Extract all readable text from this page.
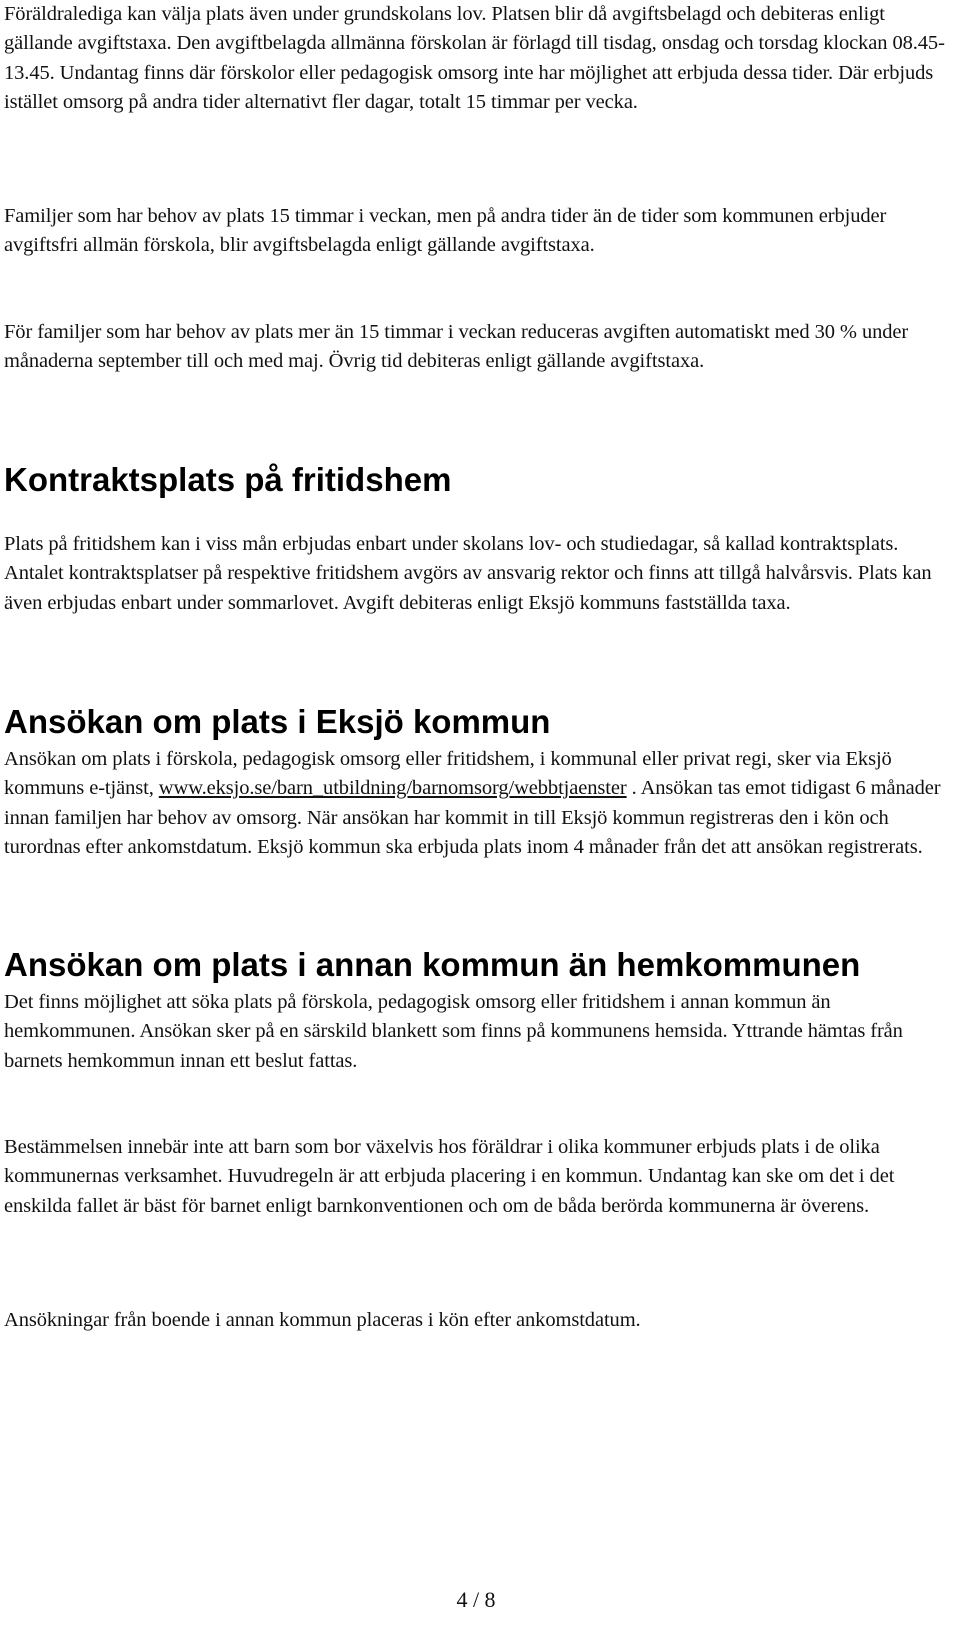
Föräldralediga kan välja plats även under grundskolans lov. Platsen blir då avgiftsbelagd och debiteras enligt gällande avgiftstaxa. Den avgiftbelagda allmänna förskolan är förlagd till tisdag, onsdag och torsdag klockan 08.45-13.45. Undantag finns där förskolor eller pedagogisk omsorg inte har möjlighet att erbjuda dessa tider. Där erbjuds istället omsorg på andra tider alternativt fler dagar, totalt 15 timmar per vecka.

Familjer som har behov av plats 15 timmar i veckan, men på andra tider än de tider som kommunen erbjuder avgiftsfri allmän förskola, blir avgiftsbelagda enligt gällande avgiftstaxa.

För familjer som har behov av plats mer än 15 timmar i veckan reduceras avgiften automatiskt med 30 % under månaderna september till och med maj. Övrig tid debiteras enligt gällande avgiftstaxa.

Kontraktsplats på fritidshem

Plats på fritidshem kan i viss mån erbjudas enbart under skolans lov- och studiedagar, så kallad kontraktsplats. Antalet kontraktsplatser på respektive fritidshem avgörs av ansvarig rektor och finns att tillgå halvårsvis. Plats kan även erbjudas enbart under sommarlovet. Avgift debiteras enligt Eksjö kommuns fastställda taxa.

Ansökan om plats i Eksjö kommun

Ansökan om plats i förskola, pedagogisk omsorg eller fritidshem, i kommunal eller privat regi, sker via Eksjö kommuns e-tjänst, www.eksjo.se/barn_utbildning/barnomsorg/webbtjaenster . Ansökan tas emot tidigast 6 månader innan familjen har behov av omsorg. När ansökan har kommit in till Eksjö kommun registreras den i kön och turordnas efter ankomstdatum. Eksjö kommun ska erbjuda plats inom 4 månader från det att ansökan registrerats.

Ansökan om plats i annan kommun än hemkommunen

Det finns möjlighet att söka plats på förskola, pedagogisk omsorg eller fritidshem i annan kommun än hemkommunen. Ansökan sker på en särskild blankett som finns på kommunens hemsida. Yttrande hämtas från barnets hemkommun innan ett beslut fattas.

Bestämmelsen innebär inte att barn som bor växelvis hos föräldrar i olika kommuner erbjuds plats i de olika kommunernas verksamhet. Huvudregeln är att erbjuda placering i en kommun. Undantag kan ske om det i det enskilda fallet är bäst för barnet enligt barnkonventionen och om de båda berörda kommunerna är överens.

Ansökningar från boende i annan kommun placeras i kön efter ankomstdatum.

4 / 8
